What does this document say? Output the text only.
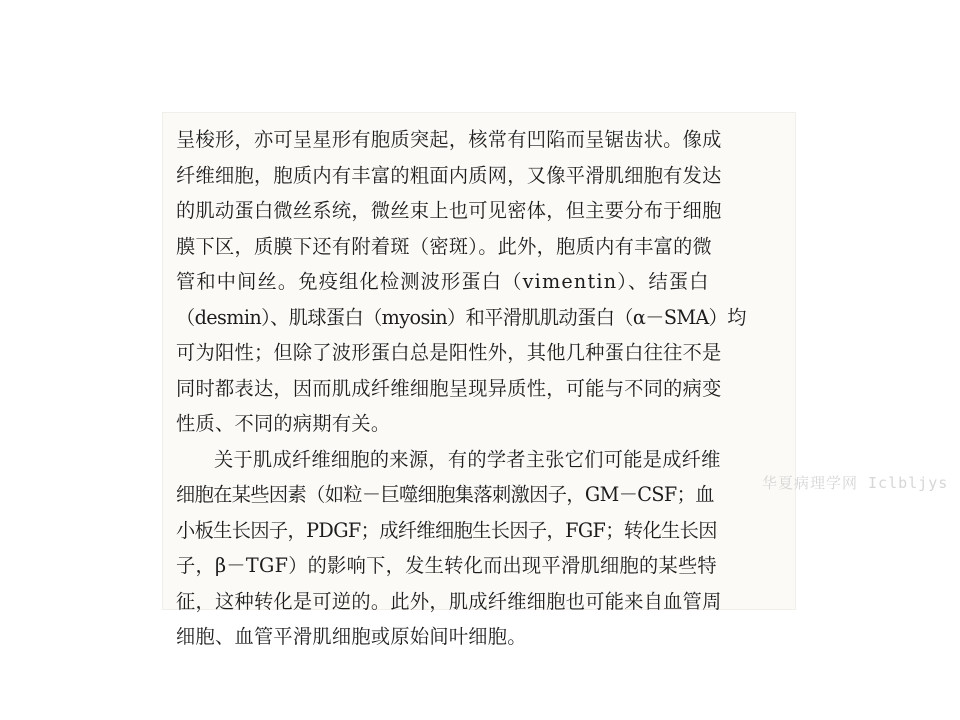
呈梭形，亦可呈星形有胞质突起，核常有凹陷而呈锯齿状。像成
纤维细胞，胞质内有丰富的粗面内质网，又像平滑肌细胞有发达
的肌动蛋白微丝系统，微丝束上也可见密体，但主要分布于细胞
膜下区，质膜下还有附着斑（密斑）。此外，胞质内有丰富的微
管和中间丝。免疫组化检测波形蛋白（vimentin）、结蛋白
（desmin）、肌球蛋白（myosin）和平滑肌肌动蛋白（α－SMA）均
可为阳性；但除了波形蛋白总是阳性外，其他几种蛋白往往不是
同时都表达，因而肌成纤维细胞呈现异质性，可能与不同的病变
性质、不同的病期有关。
关于肌成纤维细胞的来源，有的学者主张它们可能是成纤维
细胞在某些因素（如粒－巨噬细胞集落刺激因子，GM－CSF；血
小板生长因子，PDGF；成纤维细胞生长因子，FGF；转化生长因
子，β－TGF）的影响下，发生转化而出现平滑肌细胞的某些特
征，这种转化是可逆的。此外，肌成纤维细胞也可能来自血管周
细胞、血管平滑肌细胞或原始间叶细胞。
华夏病理学网 Iclbljys
